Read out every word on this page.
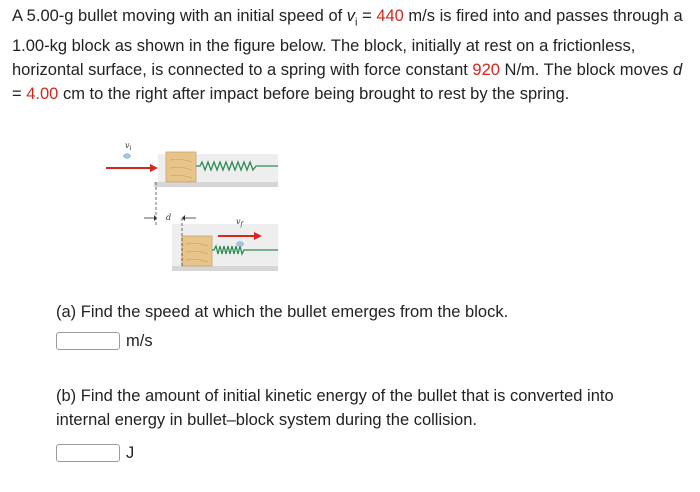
A 5.00-g bullet moving with an initial speed of $v_i = 440$ m/s is fired into and passes through a 1.00-kg block as shown in the figure below. The block, initially at rest on a frictionless, horizontal surface, is connected to a spring with force constant 920 N/m. The block moves d = 4.00 cm to the right after impact before being brought to rest by the spring.

$v_i$
d	$v_f$
(a) Find the speed at which the bullet emerges from the block.
m/s
(b) Find the amount of initial kinetic energy of the bullet that is converted into internal energy in bullet–block system during the collision.
J
